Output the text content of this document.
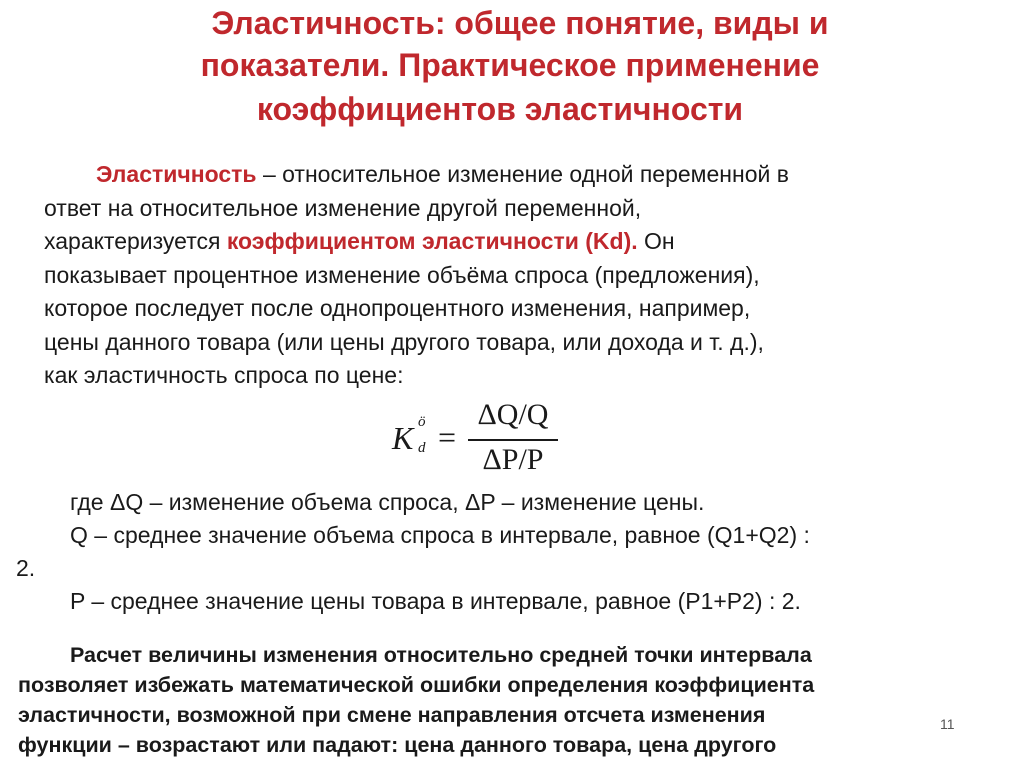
Эластичность: общее понятие, виды и
показатели. Практическое применение
коэффициентов эластичности
Эластичность – относительное изменение одной переменной в
ответ на относительное изменение другой переменной,
характеризуется коэффициентом эластичности (Kd). Он
показывает процентное изменение объёма спроса (предложения),
которое последует после однопроцентного изменения, например,
цены данного товара (или цены другого товара, или дохода и т. д.),
как эластичность спроса по цене:
K ö
d =
ΔQ/Q
ΔP/P
где ΔQ – изменение объема спроса, ΔP – изменение цены.
Q – среднее значение объема спроса в интервале, равное (Q1+Q2) :
2.
P – среднее значение цены товара в интервале, равное (P1+P2) : 2.
Расчет величины изменения относительно средней точки интервала
позволяет избежать математической ошибки определения коэффициента
эластичности, возможной при смене направления отсчета изменения
функции – возрастают или падают: цена данного товара, цена другого
11
